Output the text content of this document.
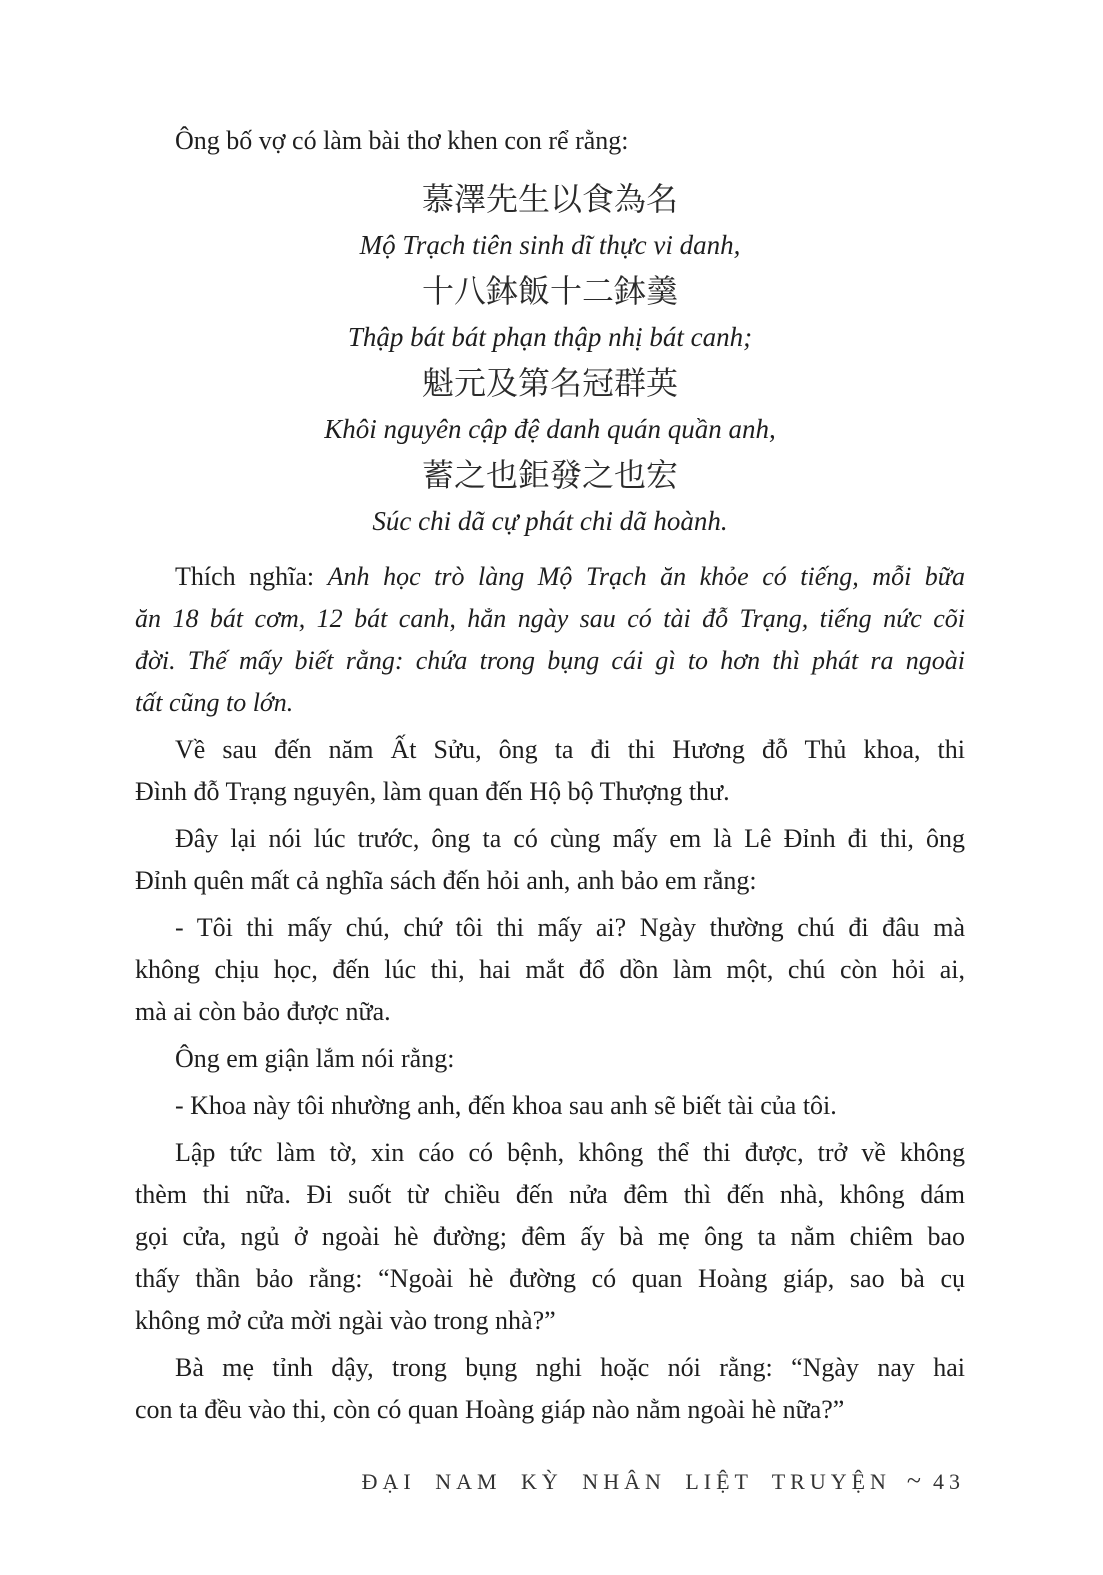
Ông bố vợ có làm bài thơ khen con rể rằng:

慕澤先生以食為名
Mộ Trạch tiên sinh dĩ thực vi danh,
十八鉢飯十二鉢羹
Thập bát bát phạn thập nhị bát canh;
魁元及第名冠群英
Khôi nguyên cập đệ danh quán quần anh,
蓄之也鉅發之也宏
Súc chi dã cự phát chi dã hoành.
Thích nghĩa: Anh học trò làng Mộ Trạch ăn khỏe có tiếng, mỗi bữa
ăn 18 bát cơm, 12 bát canh, hẳn ngày sau có tài đỗ Trạng, tiếng nức cõi
đời. Thế mấy biết rằng: chứa trong bụng cái gì to hơn thì phát ra ngoài
tất cũng to lớn.
Về sau đến năm Ất Sửu, ông ta đi thi Hương đỗ Thủ khoa, thi
Đình đỗ Trạng nguyên, làm quan đến Hộ bộ Thượng thư.
Đây lại nói lúc trước, ông ta có cùng mấy em là Lê Đỉnh đi thi, ông
Đỉnh quên mất cả nghĩa sách đến hỏi anh, anh bảo em rằng:
- Tôi thi mấy chú, chứ tôi thi mấy ai? Ngày thường chú đi đâu mà
không chịu học, đến lúc thi, hai mắt đổ dồn làm một, chú còn hỏi ai,
mà ai còn bảo được nữa.
Ông em giận lắm nói rằng:
- Khoa này tôi nhường anh, đến khoa sau anh sẽ biết tài của tôi.
Lập tức làm tờ, xin cáo có bệnh, không thể thi được, trở về không
thèm thi nữa. Đi suốt từ chiều đến nửa đêm thì đến nhà, không dám
gọi cửa, ngủ ở ngoài hè đường; đêm ấy bà mẹ ông ta nằm chiêm bao
thấy thần bảo rằng: “Ngoài hè đường có quan Hoàng giáp, sao bà cụ
không mở cửa mời ngài vào trong nhà?”
Bà mẹ tỉnh dậy, trong bụng nghi hoặc nói rằng: “Ngày nay hai
con ta đều vào thi, còn có quan Hoàng giáp nào nằm ngoài hè nữa?”
ĐẠI NAM KỲ NHÂN LIỆT TRUYỆN ~ 43
